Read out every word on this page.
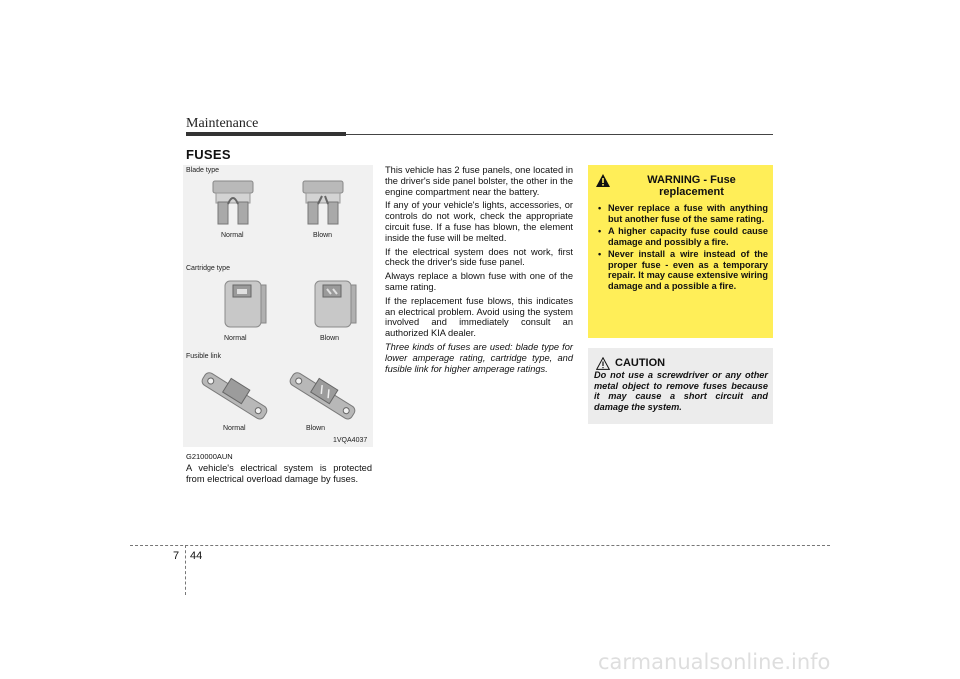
Maintenance
FUSES
Blade type
Normal	Blown
Cartridge type
Normal	Blown
Fusible link
Normal	Blown
1VQA4037
G210000AUN
A vehicle's electrical system is protected from electrical overload damage by fuses.

This vehicle has 2 fuse panels, one located in the driver's side panel bolster, the other in the engine compartment near the battery.

If any of your vehicle's lights, accessories, or controls do not work, check the appropriate circuit fuse. If a fuse has blown, the element inside the fuse will be melted.

If the electrical system does not work, first check the driver's side fuse panel.

Always replace a blown fuse with one of the same rating.

If the replacement fuse blows, this indicates an electrical problem. Avoid using the system involved and immediately consult an authorized KIA dealer.

Three kinds of fuses are used: blade type for lower amperage rating, cartridge type, and fusible link for higher amperage ratings.

WARNING - Fuse replacement
• Never replace a fuse with anything but another fuse of the same rating.
• A higher capacity fuse could cause damage and possibly a fire.
• Never install a wire instead of the proper fuse - even as a temporary repair. It may cause extensive wiring damage and a possible a fire.
CAUTION
Do not use a screwdriver or any other metal object to remove fuses because it may cause a short circuit and damage the system.
7 44
carmanualsonline.info
